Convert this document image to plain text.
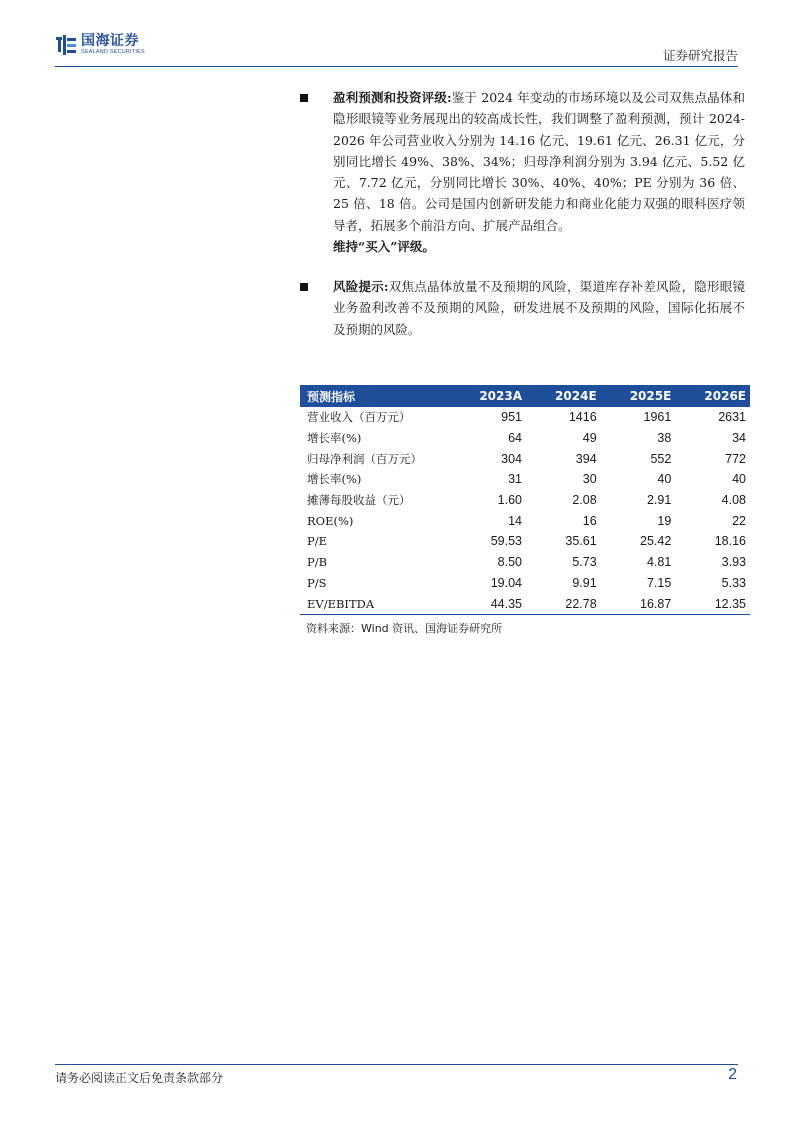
国海证券
SEALAND SECURITIES	证券研究报告
盈利预测和投资评级:鉴于 2024 年变动的市场环境以及公司双焦点晶体和隐形眼镜等业务展现出的较高成长性，我们调整了盈利预测，预计 2024-2026 年公司营业收入分别为 14.16 亿元、19.61 亿元、26.31 亿元，分别同比增长 49%、38%、34%；归母净利润分别为 3.94 亿元、5.52 亿元、7.72 亿元，分别同比增长 30%、40%、40%；PE 分别为 36 倍、25 倍、18 倍。公司是国内创新研发能力和商业化能力双强的眼科医疗领导者，拓展多个前沿方向、扩展产品组合。
维持“买入”评级。
风险提示:双焦点晶体放量不及预期的风险，渠道库存补差风险，隐形眼镜业务盈利改善不及预期的风险，研发进展不及预期的风险，国际化拓展不及预期的风险。
预测指标	2023A	2024E	2025E	2026E
营业收入（百万元）	951	1416	1961	2631
增长率(%)	64	49	38	34
归母净利润（百万元）	304	394	552	772
增长率(%)	31	30	40	40
摊薄每股收益（元）	1.60	2.08	2.91	4.08
ROE(%)	14	16	19	22
P/E	59.53	35.61	25.42	18.16
P/B	8.50	5.73	4.81	3.93
P/S	19.04	9.91	7.15	5.33
EV/EBITDA	44.35	22.78	16.87	12.35
资料来源：Wind 资讯、国海证券研究所
请务必阅读正文后免责条款部分	2
